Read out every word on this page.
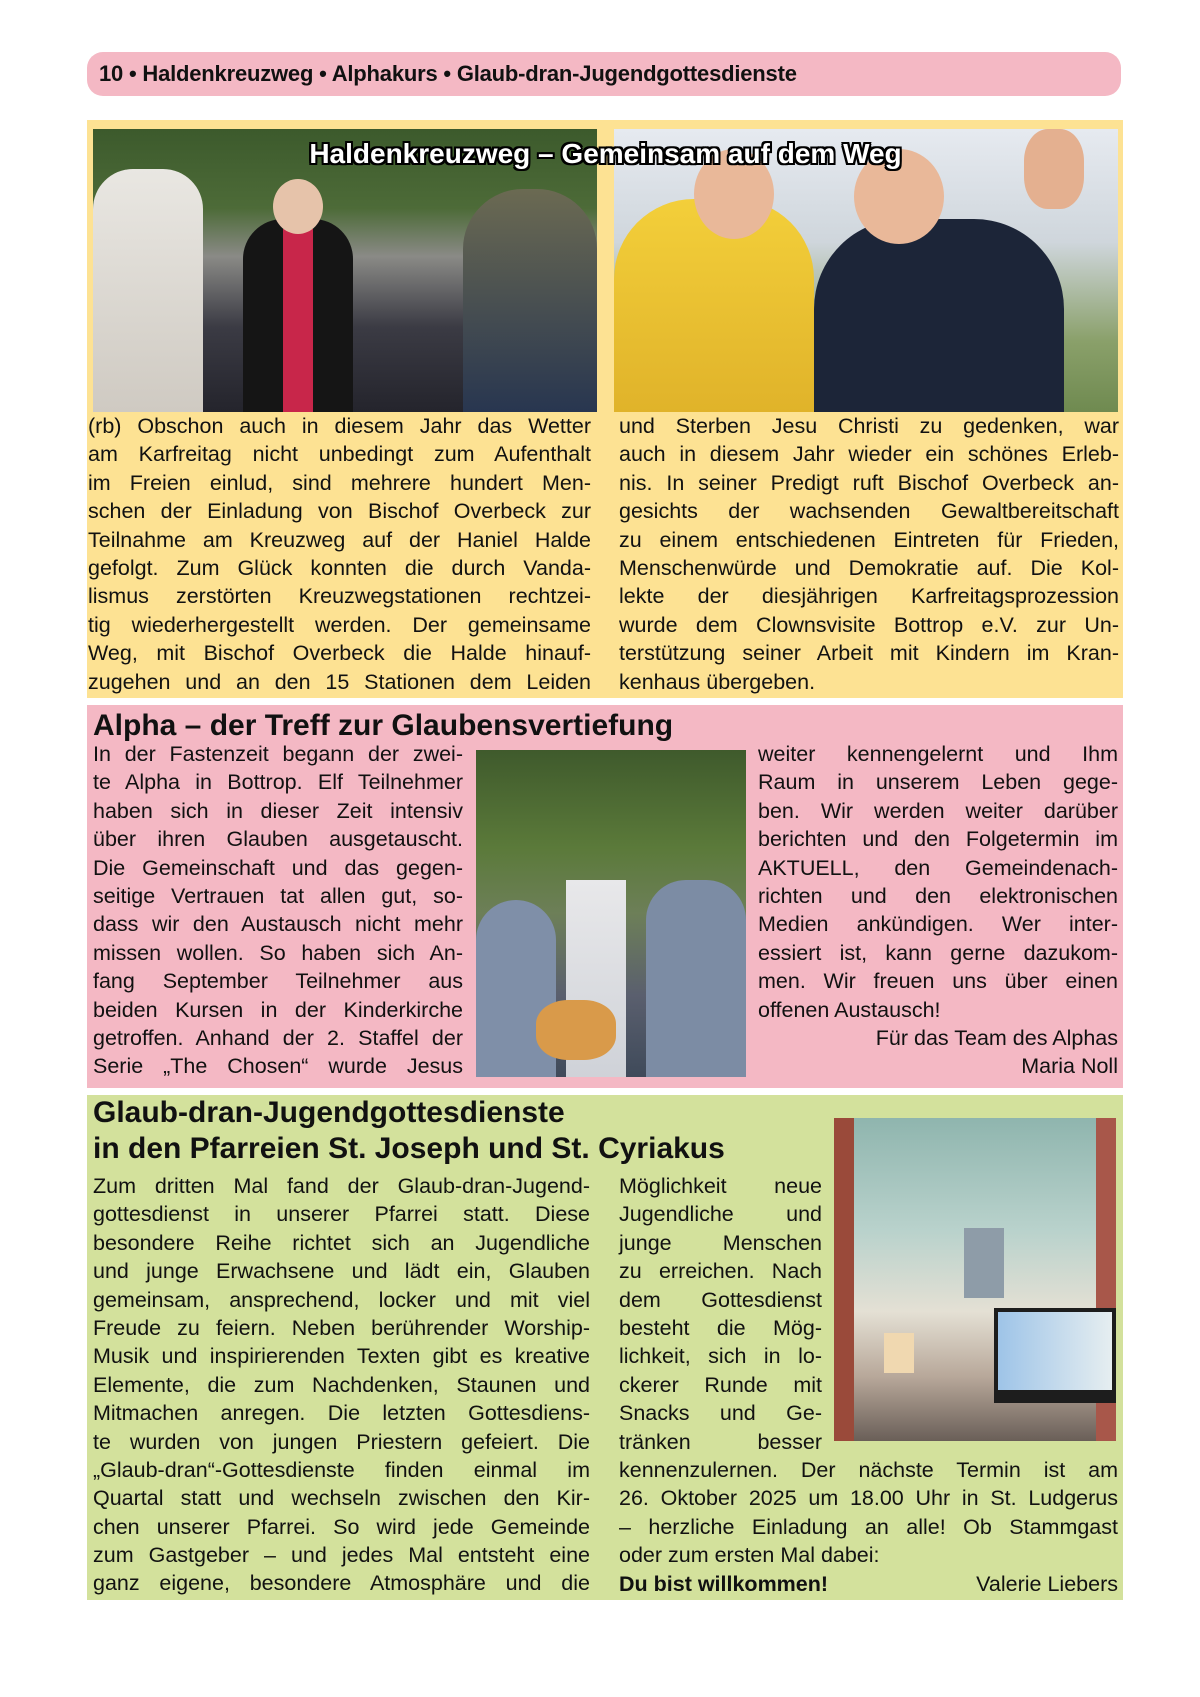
10 • Haldenkreuzweg • Alphakurs • Glaub-dran-Jugendgottesdienste
Haldenkreuzweg – Gemeinsam auf dem Weg
(rb) Obschon auch in diesem Jahr das Wetter
am Karfreitag nicht unbedingt zum Aufenthalt
im Freien einlud, sind mehrere hundert Men-
schen der Einladung von Bischof Overbeck zur
Teilnahme am Kreuzweg auf der Haniel Halde
gefolgt. Zum Glück konnten die durch Vanda-
lismus zerstörten Kreuzwegstationen rechtzei-
tig wiederhergestellt werden. Der gemeinsame
Weg, mit Bischof Overbeck die Halde hinauf-
zugehen und an den 15 Stationen dem Leiden
und Sterben Jesu Christi zu gedenken, war
auch in diesem Jahr wieder ein schönes Erleb-
nis. In seiner Predigt ruft Bischof Overbeck an-
gesichts der wachsenden Gewaltbereitschaft
zu einem entschiedenen Eintreten für Frieden,
Menschenwürde und Demokratie auf. Die Kol-
lekte der diesjährigen Karfreitagsprozession
wurde dem Clownsvisite Bottrop e.V. zur Un-
terstützung seiner Arbeit mit Kindern im Kran-
kenhaus übergeben.
Alpha – der Treff zur Glaubensvertiefung
In der Fastenzeit begann der zwei-
te Alpha in Bottrop. Elf Teilnehmer
haben sich in dieser Zeit intensiv
über ihren Glauben ausgetauscht.
Die Gemeinschaft und das gegen-
seitige Vertrauen tat allen gut, so-
dass wir den Austausch nicht mehr
missen wollen. So haben sich An-
fang September Teilnehmer aus
beiden Kursen in der Kinderkirche
getroffen. Anhand der 2. Staffel der
Serie „The Chosen“ wurde Jesus
weiter kennengelernt und Ihm
Raum in unserem Leben gege-
ben. Wir werden weiter darüber
berichten und den Folgetermin im
AKTUELL, den Gemeindenach-
richten und den elektronischen
Medien ankündigen. Wer inter-
essiert ist, kann gerne dazukom-
men. Wir freuen uns über einen
offenen Austausch!
Für das Team des Alphas
Maria Noll
Glaub-dran-Jugendgottesdienste
in den Pfarreien St. Joseph und St. Cyriakus
Zum dritten Mal fand der Glaub-dran-Jugend-
gottesdienst in unserer Pfarrei statt. Diese
besondere Reihe richtet sich an Jugendliche
und junge Erwachsene und lädt ein, Glauben
gemeinsam, ansprechend, locker und mit viel
Freude zu feiern. Neben berührender Worship-
Musik und inspirierenden Texten gibt es kreative
Elemente, die zum Nachdenken, Staunen und
Mitmachen anregen. Die letzten Gottesdiens-
te wurden von jungen Priestern gefeiert. Die
„Glaub-dran“-Gottesdienste finden einmal im
Quartal statt und wechseln zwischen den Kir-
chen unserer Pfarrei. So wird jede Gemeinde
zum Gastgeber – und jedes Mal entsteht eine
ganz eigene, besondere Atmosphäre und die
Möglichkeit neue
Jugendliche und
junge Menschen
zu erreichen. Nach
dem Gottesdienst
besteht die Mög-
lichkeit, sich in lo-
ckerer Runde mit
Snacks und Ge-
tränken besser
kennenzulernen. Der nächste Termin ist am
26. Oktober 2025 um 18.00 Uhr in St. Ludgerus
– herzliche Einladung an alle! Ob Stammgast
oder zum ersten Mal dabei:
Du bist willkommen!	Valerie Liebers
